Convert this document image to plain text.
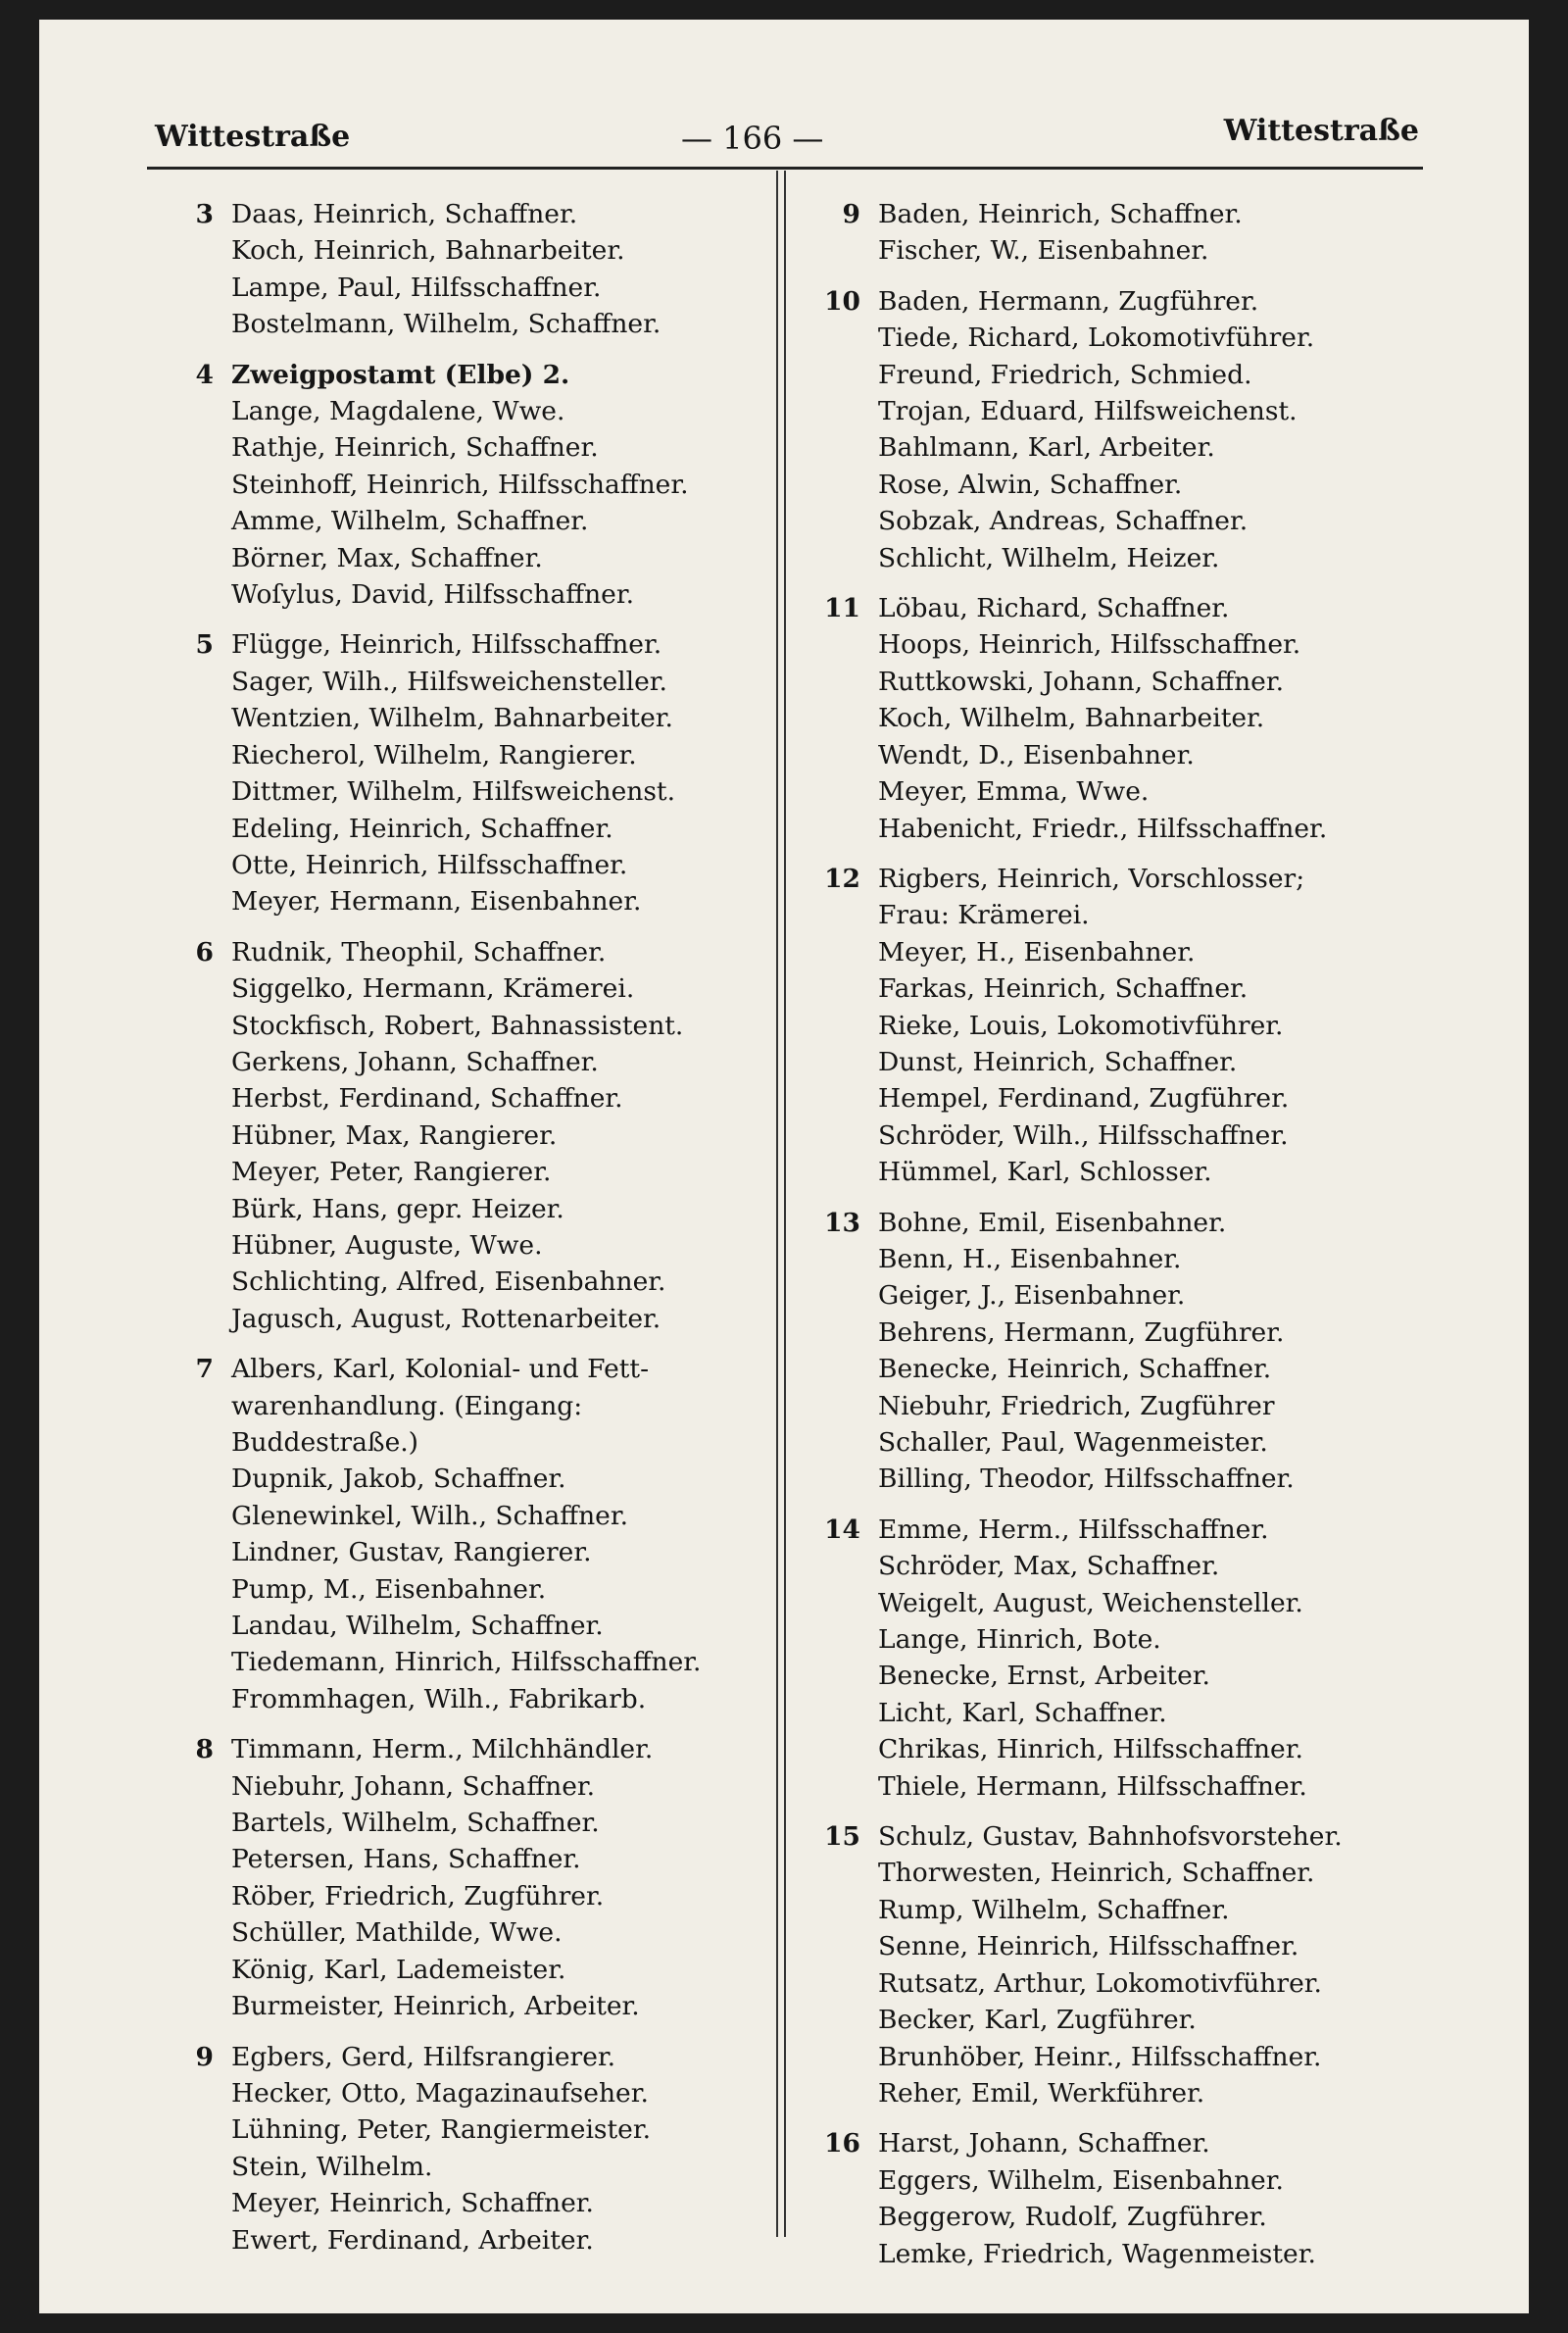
Wittestraße	— 166 —	Wittestraße
3 Daas, Heinrich, Schaffner.
Koch, Heinrich, Bahnarbeiter.
Lampe, Paul, Hilfsschaffner.
Bostelmann, Wilhelm, Schaffner.
4 Zweigpostamt (Elbe) 2.
Lange, Magdalene, Wwe.
Rathje, Heinrich, Schaffner.
Steinhoff, Heinrich, Hilfsschaffner.
Amme, Wilhelm, Schaffner.
Börner, Max, Schaffner.
Woſylus, David, Hilfsschaffner.
5 Flügge, Heinrich, Hilfsschaffner.
Sager, Wilh., Hilfsweichensteller.
Wentzien, Wilhelm, Bahnarbeiter.
Riecherol, Wilhelm, Rangierer.
Dittmer, Wilhelm, Hilfsweichenst.
Edeling, Heinrich, Schaffner.
Otte, Heinrich, Hilfsschaffner.
Meyer, Hermann, Eisenbahner.
6 Rudnik, Theophil, Schaffner.
Siggelko, Hermann, Krämerei.
Stockfisch, Robert, Bahnassistent.
Gerkens, Johann, Schaffner.
Herbst, Ferdinand, Schaffner.
Hübner, Max, Rangierer.
Meyer, Peter, Rangierer.
Bürk, Hans, gepr. Heizer.
Hübner, Auguste, Wwe.
Schlichting, Alfred, Eisenbahner.
Jagusch, August, Rottenarbeiter.
7 Albers, Karl, Kolonial- und Fett-
warenhandlung. (Eingang:
Buddestraße.)
Dupnik, Jakob, Schaffner.
Glenewinkel, Wilh., Schaffner.
Lindner, Gustav, Rangierer.
Pump, M., Eisenbahner.
Landau, Wilhelm, Schaffner.
Tiedemann, Hinrich, Hilfsschaffner.
Frommhagen, Wilh., Fabrikarb.
8 Timmann, Herm., Milchhändler.
Niebuhr, Johann, Schaffner.
Bartels, Wilhelm, Schaffner.
Petersen, Hans, Schaffner.
Röber, Friedrich, Zugführer.
Schüller, Mathilde, Wwe.
König, Karl, Lademeister.
Burmeister, Heinrich, Arbeiter.
9 Egbers, Gerd, Hilfsrangierer.
Hecker, Otto, Magazinaufseher.
Lühning, Peter, Rangiermeister.
Stein, Wilhelm.
Meyer, Heinrich, Schaffner.
Ewert, Ferdinand, Arbeiter.
9 Baden, Heinrich, Schaffner.
Fischer, W., Eisenbahner.
10 Baden, Hermann, Zugführer.
Tiede, Richard, Lokomotivführer.
Freund, Friedrich, Schmied.
Trojan, Eduard, Hilfsweichenst.
Bahlmann, Karl, Arbeiter.
Rose, Alwin, Schaffner.
Sobzak, Andreas, Schaffner.
Schlicht, Wilhelm, Heizer.
11 Löbau, Richard, Schaffner.
Hoops, Heinrich, Hilfsschaffner.
Ruttkowski, Johann, Schaffner.
Koch, Wilhelm, Bahnarbeiter.
Wendt, D., Eisenbahner.
Meyer, Emma, Wwe.
Habenicht, Friedr., Hilfsschaffner.
12 Rigbers, Heinrich, Vorschlosser;
Frau: Krämerei.
Meyer, H., Eisenbahner.
Farkas, Heinrich, Schaffner.
Rieke, Louis, Lokomotivführer.
Dunst, Heinrich, Schaffner.
Hempel, Ferdinand, Zugführer.
Schröder, Wilh., Hilfsschaffner.
Hümmel, Karl, Schlosser.
13 Bohne, Emil, Eisenbahner.
Benn, H., Eisenbahner.
Geiger, J., Eisenbahner.
Behrens, Hermann, Zugführer.
Benecke, Heinrich, Schaffner.
Niebuhr, Friedrich, Zugführer
Schaller, Paul, Wagenmeister.
Billing, Theodor, Hilfsschaffner.
14 Emme, Herm., Hilfsschaffner.
Schröder, Max, Schaffner.
Weigelt, August, Weichensteller.
Lange, Hinrich, Bote.
Benecke, Ernst, Arbeiter.
Licht, Karl, Schaffner.
Chrikas, Hinrich, Hilfsschaffner.
Thiele, Hermann, Hilfsschaffner.
15 Schulz, Gustav, Bahnhofsvorsteher.
Thorwesten, Heinrich, Schaffner.
Rump, Wilhelm, Schaffner.
Senne, Heinrich, Hilfsschaffner.
Rutsatz, Arthur, Lokomotivführer.
Becker, Karl, Zugführer.
Brunhöber, Heinr., Hilfsschaffner.
Reher, Emil, Werkführer.
16 Harst, Johann, Schaffner.
Eggers, Wilhelm, Eisenbahner.
Beggerow, Rudolf, Zugführer.
Lemke, Friedrich, Wagenmeister.
